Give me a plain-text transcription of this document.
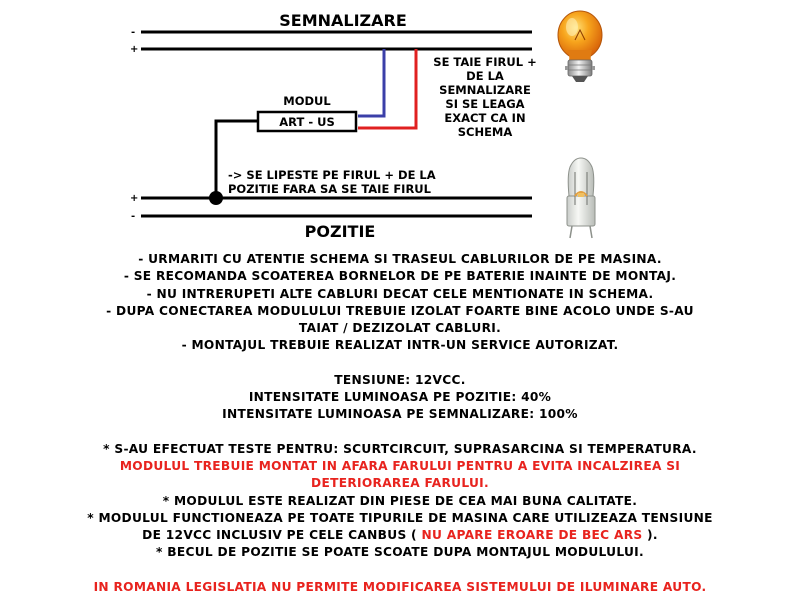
SEMNALIZARE
-
+
MODUL
ART - US
SE TAIE FIRUL +
DE LA
SEMNALIZARE
SI SE LEAGA
EXACT CA IN
SCHEMA
-> SE LIPESTE PE FIRUL + DE LA
POZITIE FARA SA SE TAIE FIRUL
+
-
POZITIE

- URMARITI CU ATENTIE SCHEMA SI TRASEUL CABLURILOR DE PE MASINA.

- SE RECOMANDA SCOATEREA BORNELOR DE PE BATERIE INAINTE DE MONTAJ.

- NU INTRERUPETI ALTE CABLURI DECAT CELE MENTIONATE IN SCHEMA.

- DUPA CONECTAREA MODULULUI TREBUIE IZOLAT FOARTE BINE ACOLO UNDE S-AU

TAIAT / DEZIZOLAT CABLURI.

- MONTAJUL TREBUIE REALIZAT INTR-UN SERVICE AUTORIZAT.

TENSIUNE: 12VCC.

INTENSITATE LUMINOASA PE POZITIE: 40%

INTENSITATE LUMINOASA PE SEMNALIZARE: 100%

* S-AU EFECTUAT TESTE PENTRU: SCURTCIRCUIT, SUPRASARCINA SI TEMPERATURA.

MODULUL TREBUIE MONTAT IN AFARA FARULUI PENTRU A EVITA INCALZIREA SI

DETERIORAREA FARULUI.

* MODULUL ESTE REALIZAT DIN PIESE DE CEA MAI BUNA CALITATE.

* MODULUL FUNCTIONEAZA PE TOATE TIPURILE DE MASINA CARE UTILIZEAZA TENSIUNE

DE 12VCC INCLUSIV PE CELE CANBUS ( NU APARE EROARE DE BEC ARS ).

* BECUL DE POZITIE SE POATE SCOATE DUPA MONTAJUL MODULULUI.

IN ROMANIA LEGISLATIA NU PERMITE MODIFICAREA SISTEMULUI DE ILUMINARE AUTO.
